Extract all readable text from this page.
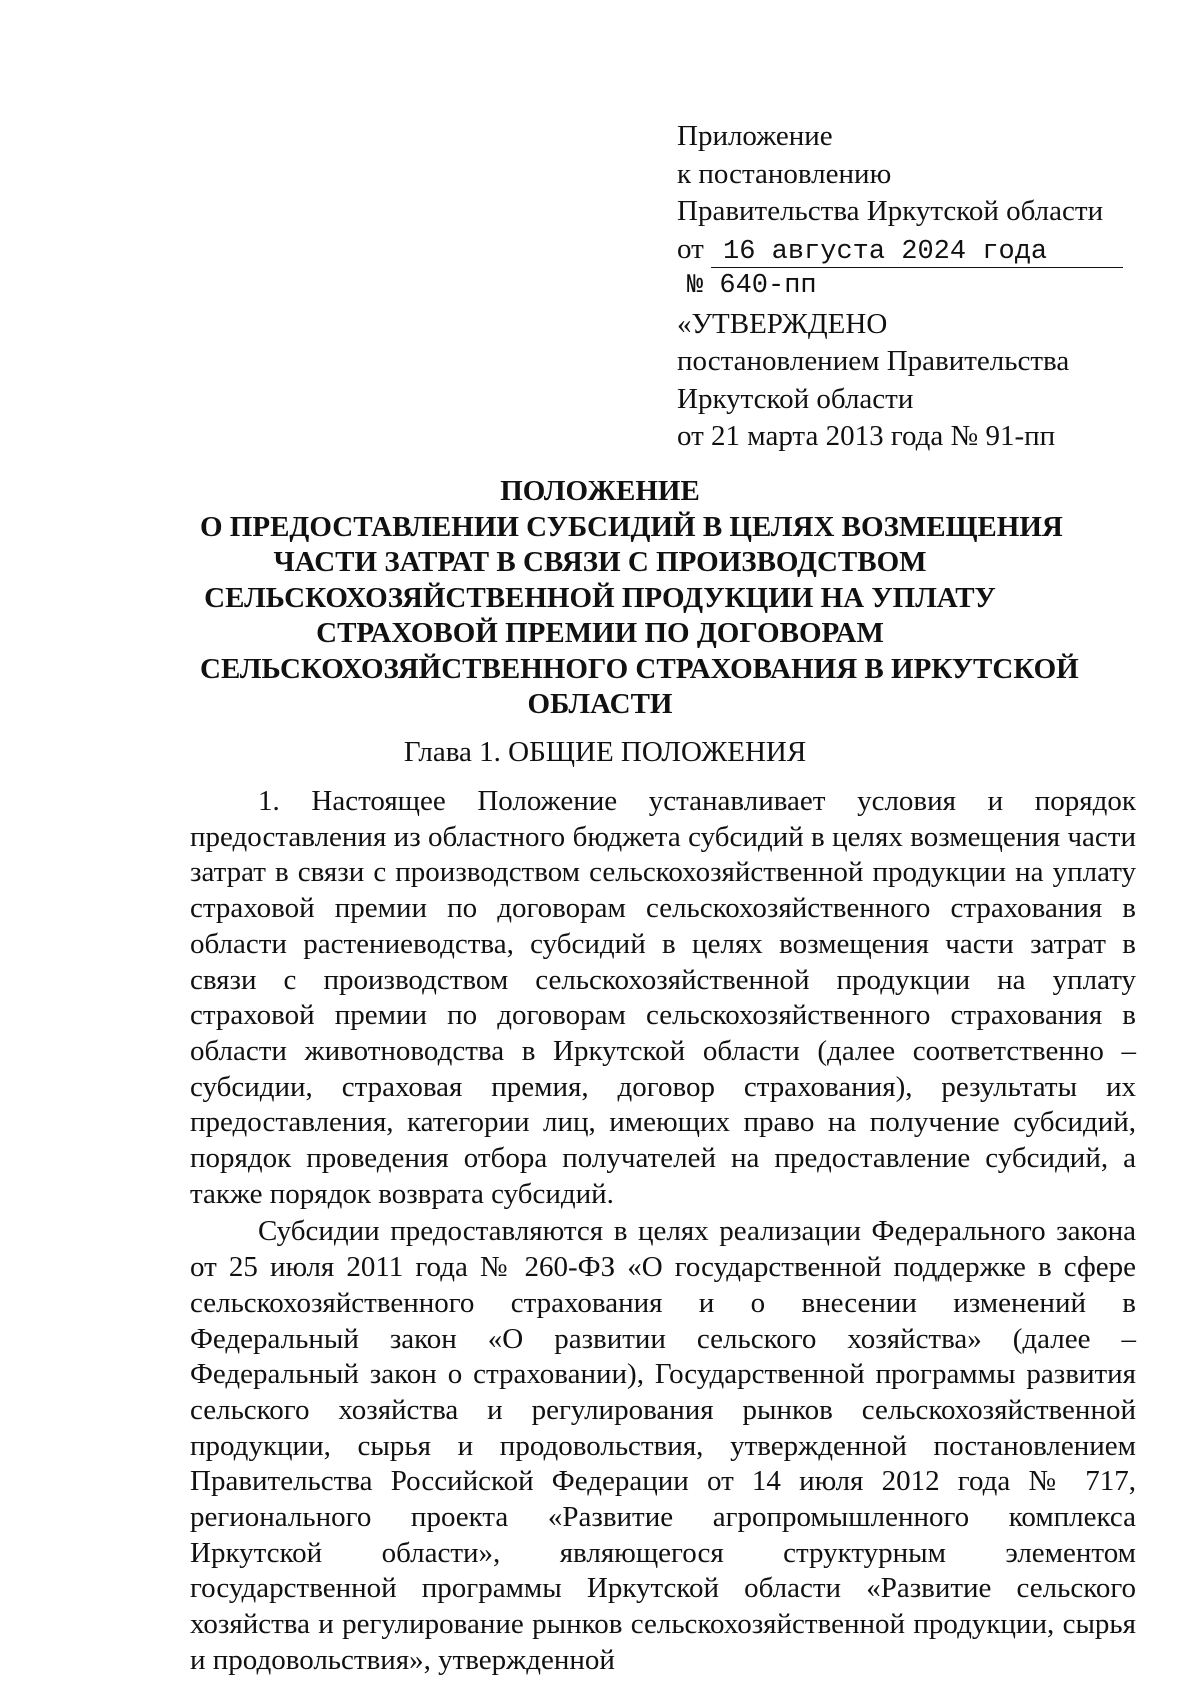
Приложение
к постановлению
Правительства Иркутской области
от 16 августа 2024 года
№ 640-пп
«УТВЕРЖДЕНО
постановлением Правительства
Иркутской области
от 21 марта 2013 года № 91-пп
ПОЛОЖЕНИЕ
О ПРЕДОСТАВЛЕНИИ СУБСИДИЙ В ЦЕЛЯХ ВОЗМЕЩЕНИЯ
ЧАСТИ ЗАТРАТ В СВЯЗИ С ПРОИЗВОДСТВОМ
СЕЛЬСКОХОЗЯЙСТВЕННОЙ ПРОДУКЦИИ НА УПЛАТУ
СТРАХОВОЙ ПРЕМИИ ПО ДОГОВОРАМ
СЕЛЬСКОХОЗЯЙСТВЕННОГО СТРАХОВАНИЯ В ИРКУТСКОЙ
ОБЛАСТИ
Глава 1. ОБЩИЕ ПОЛОЖЕНИЯ

1. Настоящее Положение устанавливает условия и порядок предоставления из областного бюджета субсидий в целях возмещения части затрат в связи с производством сельскохозяйственной продукции на уплату страховой премии по договорам сельскохозяйственного страхования в области растениеводства, субсидий в целях возмещения части затрат в связи с производством сельскохозяйственной продукции на уплату страховой премии по договорам сельскохозяйственного страхования в области животноводства в Иркутской области (далее соответственно – субсидии, страховая премия, договор страхования), результаты их предоставления, категории лиц, имеющих право на получение субсидий, порядок проведения отбора получателей на предоставление субсидий, а также порядок возврата субсидий.

Субсидии предоставляются в целях реализации Федерального закона от 25 июля 2011 года № 260-ФЗ «О государственной поддержке в сфере сельскохозяйственного страхования и о внесении изменений в Федеральный закон «О развитии сельского хозяйства» (далее – Федеральный закон о страховании), Государственной программы развития сельского хозяйства и регулирования рынков сельскохозяйственной продукции, сырья и продовольствия, утвержденной постановлением Правительства Российской Федерации от 14 июля 2012 года № 717, регионального проекта «Развитие агропромышленного комплекса Иркутской области», являющегося структурным элементом государственной программы Иркутской области «Развитие сельского хозяйства и регулирование рынков сельскохозяйственной продукции, сырья и продовольствия», утвержденной
